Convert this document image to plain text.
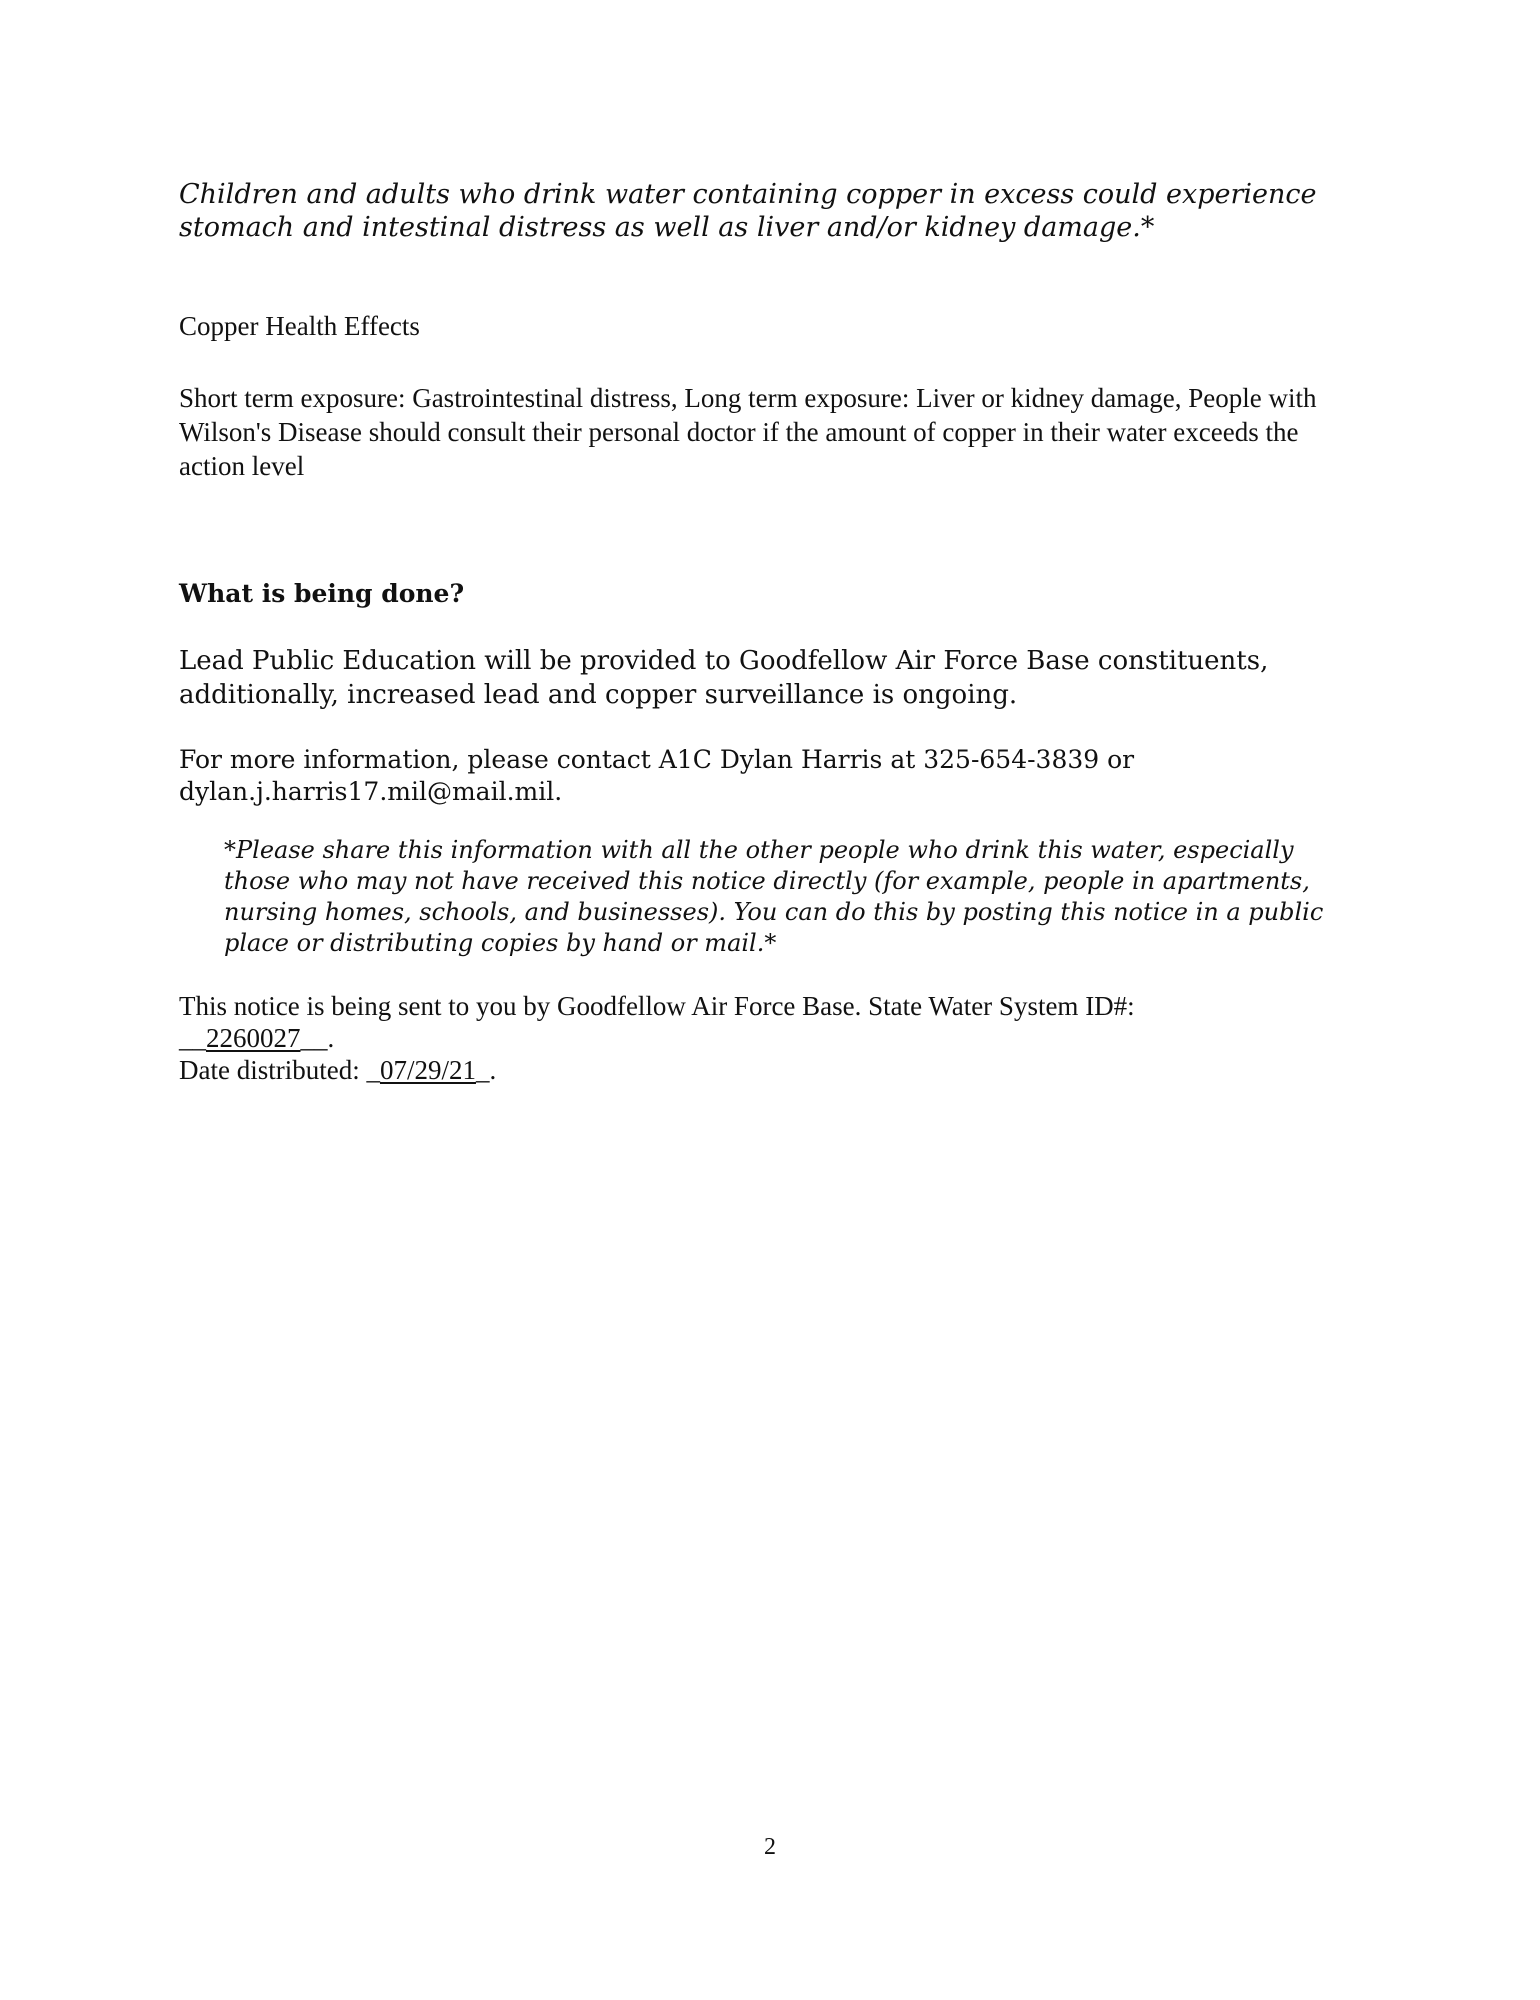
Children and adults who drink water containing copper in excess could experience stomach and intestinal distress as well as liver and/or kidney damage.*

Copper Health Effects

Short term exposure: Gastrointestinal distress, Long term exposure: Liver or kidney damage, People with Wilson's Disease should consult their personal doctor if the amount of copper in their water exceeds the action level

What is being done?

Lead Public Education will be provided to Goodfellow Air Force Base constituents, additionally, increased lead and copper surveillance is ongoing.

For more information, please contact A1C Dylan Harris at 325-654-3839 or dylan.j.harris17.mil@mail.mil.

*Please share this information with all the other people who drink this water, especially those who may not have received this notice directly (for example, people in apartments, nursing homes, schools, and businesses). You can do this by posting this notice in a public place or distributing copies by hand or mail.*

This notice is being sent to you by Goodfellow Air Force Base. State Water System ID#:
__2260027__.
Date distributed: _07/29/21_.
2
